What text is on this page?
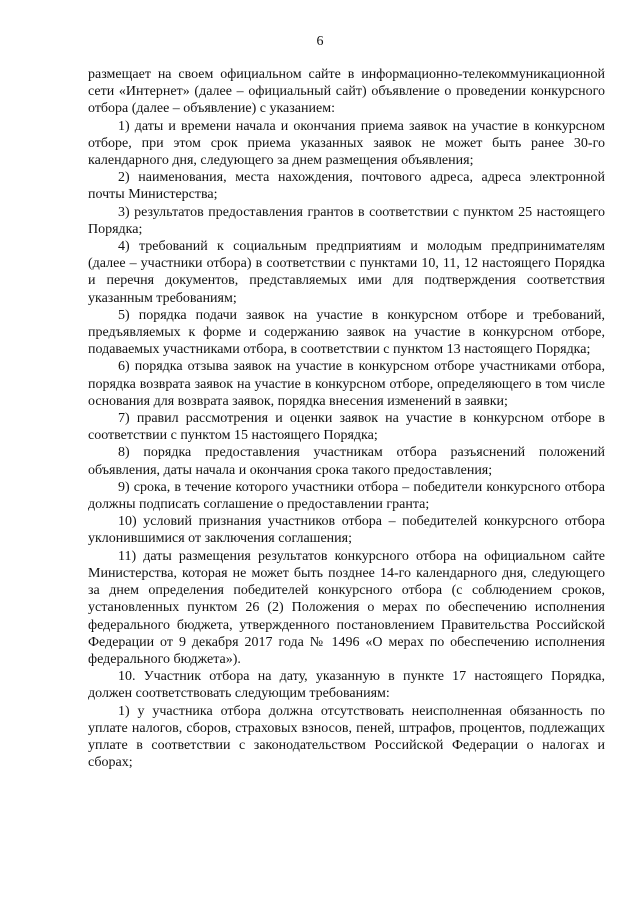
6

размещает на своем официальном сайте в информационно-телекоммуникационной сети «Интернет» (далее – официальный сайт) объявление о проведении конкурсного отбора (далее – объявление) с указанием:

1) даты и времени начала и окончания приема заявок на участие в конкурсном отборе, при этом срок приема указанных заявок не может быть ранее 30-го календарного дня, следующего за днем размещения объявления;

2) наименования, места нахождения, почтового адреса, адреса электронной почты Министерства;

3) результатов предоставления грантов в соответствии с пунктом 25 настоящего Порядка;

4) требований к социальным предприятиям и молодым предпринимателям (далее – участники отбора) в соответствии с пунктами 10, 11, 12 настоящего Порядка и перечня документов, представляемых ими для подтверждения соответствия указанным требованиям;

5) порядка подачи заявок на участие в конкурсном отборе и требований, предъявляемых к форме и содержанию заявок на участие в конкурсном отборе, подаваемых участниками отбора, в соответствии с пунктом 13 настоящего Порядка;

6) порядка отзыва заявок на участие в конкурсном отборе участниками отбора, порядка возврата заявок на участие в конкурсном отборе, определяющего в том числе основания для возврата заявок, порядка внесения изменений в заявки;

7) правил рассмотрения и оценки заявок на участие в конкурсном отборе в соответствии с пунктом 15 настоящего Порядка;

8) порядка предоставления участникам отбора разъяснений положений объявления, даты начала и окончания срока такого предоставления;

9) срока, в течение которого участники отбора – победители конкурсного отбора должны подписать соглашение о предоставлении гранта;

10) условий признания участников отбора – победителей конкурсного отбора уклонившимися от заключения соглашения;

11) даты размещения результатов конкурсного отбора на официальном сайте Министерства, которая не может быть позднее 14-го календарного дня, следующего за днем определения победителей конкурсного отбора (с соблюдением сроков, установленных пунктом 26 (2) Положения о мерах по обеспечению исполнения федерального бюджета, утвержденного постановлением Правительства Российской Федерации от 9 декабря 2017 года № 1496 «О мерах по обеспечению исполнения федерального бюджета»).

10. Участник отбора на дату, указанную в пункте 17 настоящего Порядка, должен соответствовать следующим требованиям:

1) у участника отбора должна отсутствовать неисполненная обязанность по уплате налогов, сборов, страховых взносов, пеней, штрафов, процентов, подлежащих уплате в соответствии с законодательством Российской Федерации о налогах и сборах;
